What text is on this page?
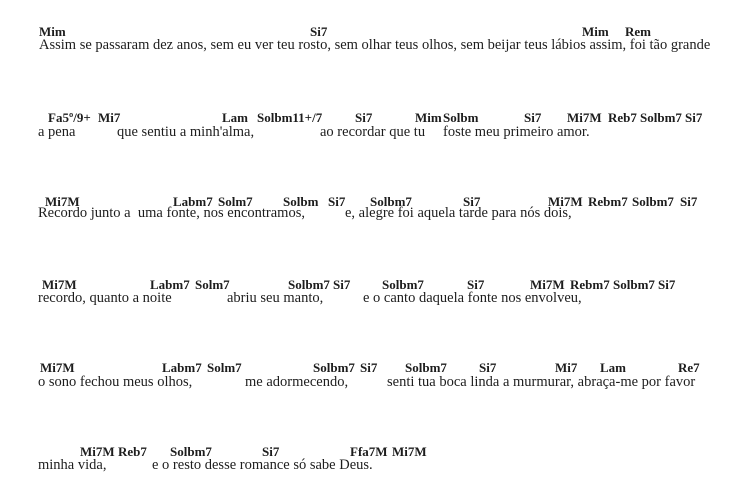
Mim	Si7	Mim Rem
Assim se passaram dez anos, sem eu ver teu rosto, sem olhar teus olhos, sem beijar teus lábios assim, foi tão grande
Fa5º/9+ Mi7	Lam Solbm11+/7	Si7	Mim Solbm	Si7 Mi7M Reb7 Solbm7 Si7
a pena	que sentiu a minh'alma,	ao recordar que tu foste meu primeiro amor.
Mi7M	Labm7 Solm7 Solbm Si7 Solbm7	Si7	Mi7M Rebm7 Solbm7 Si7
Recordo junto a  uma fonte, nos encontramos,	e, alegre foi aquela tarde para nós dois,
Mi7M	Labm7 Solm7	Solbm7 Si7 Solbm7	Si7	Mi7M Rebm7 Solbm7 Si7
recordo, quanto a noite	abriu seu manto,	e o canto daquela fonte nos envolveu,
Mi7M	Labm7 Solm7	Solbm7 Si7 Solbm7 Si7	Mi7 Lam	Re7
o sono fechou meus olhos,	me adormecendo,	senti tua boca linda a murmurar, abraça-me por favor
Mi7M Reb7 Solbm7	Si7	Ffa7M Mi7M
minha vida,	e o resto desse romance só sabe Deus.
